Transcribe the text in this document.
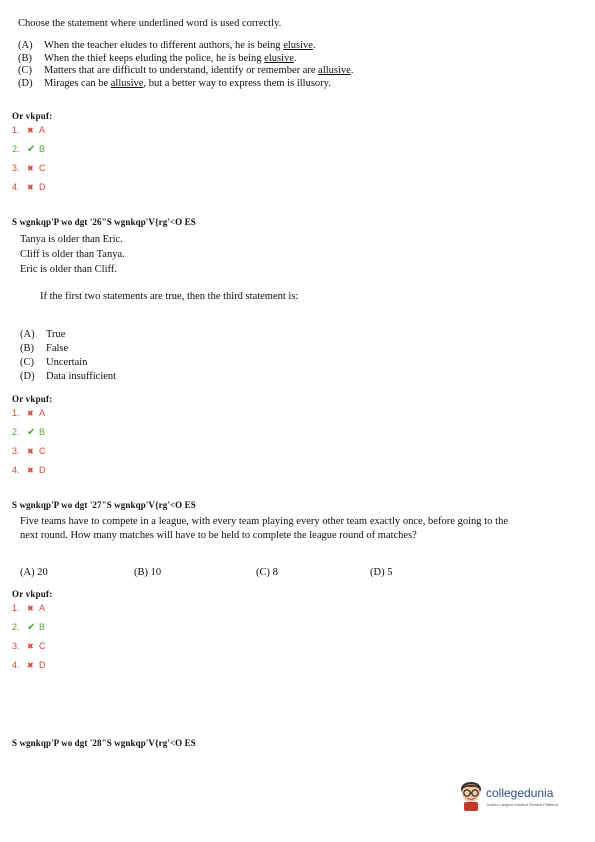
Choose the statement where underlined word is used correctly.
(A) When the teacher eludes to different authors, he is being elusive.
(B) When the thief keeps eluding the police, he is being elusive.
(C) Matters that are difficult to understand, identify or remember are allusive.
(D) Mirages can be allusive, but a better way to express them is illusory.
Or vkpuf:
1. ✖ A
2. ✔ B
3. ✖ C
4. ✖ D
S wgnkqp'P wo dgt '26"S wgnkqp'V{rg'<O ES
Tanya is older than Eric.
Cliff is older than Tanya.
Eric is older than Cliff.
If the first two statements are true, then the third statement is:
(A) True
(B) False
(C) Uncertain
(D) Data insufficient
Or vkpuf:
1. ✖ A
2. ✔ B
3. ✖ C
4. ✖ D
S wgnkqp'P wo dgt '27"S wgnkqp'V{rg'<O ES
Five teams have to compete in a league, with every team playing every other team exactly once, before going to the next round. How many matches will have to be held to complete the league round of matches?
(A) 20	(B) 10	(C) 8	(D) 5
Or vkpuf:
1. ✖ A
2. ✔ B
3. ✖ C
4. ✖ D
S wgnkqp'P wo dgt '28"S wgnkqp'V{rg'<O ES
collegedunia
India's Largest Student Review Platform
